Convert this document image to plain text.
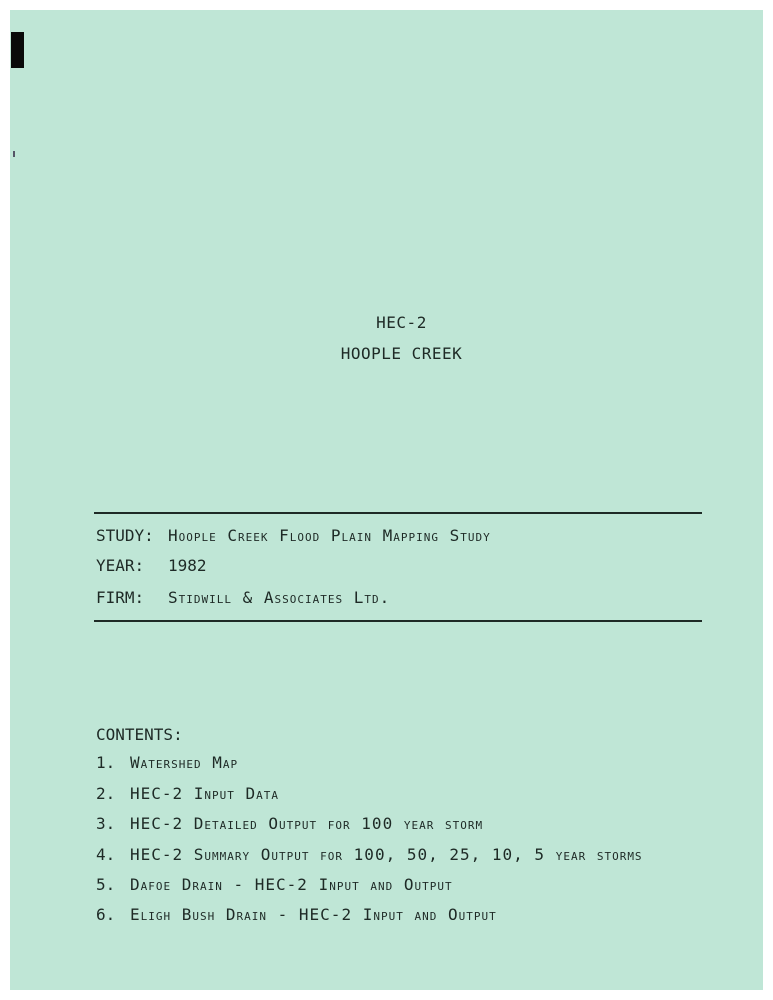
HEC-2
HOOPLE CREEK
STUDY: Hoople Creek Flood Plain Mapping Study
YEAR: 1982
FIRM: Stidwill & Associates Ltd.
CONTENTS:
1. Watershed Map
2. HEC-2 Input Data
3. HEC-2 Detailed Output for 100 year storm
4. HEC-2 Summary Output for 100, 50, 25, 10, 5 year storms
5. Dafoe Drain - HEC-2 Input and Output
6. Eligh Bush Drain - HEC-2 Input and Output
